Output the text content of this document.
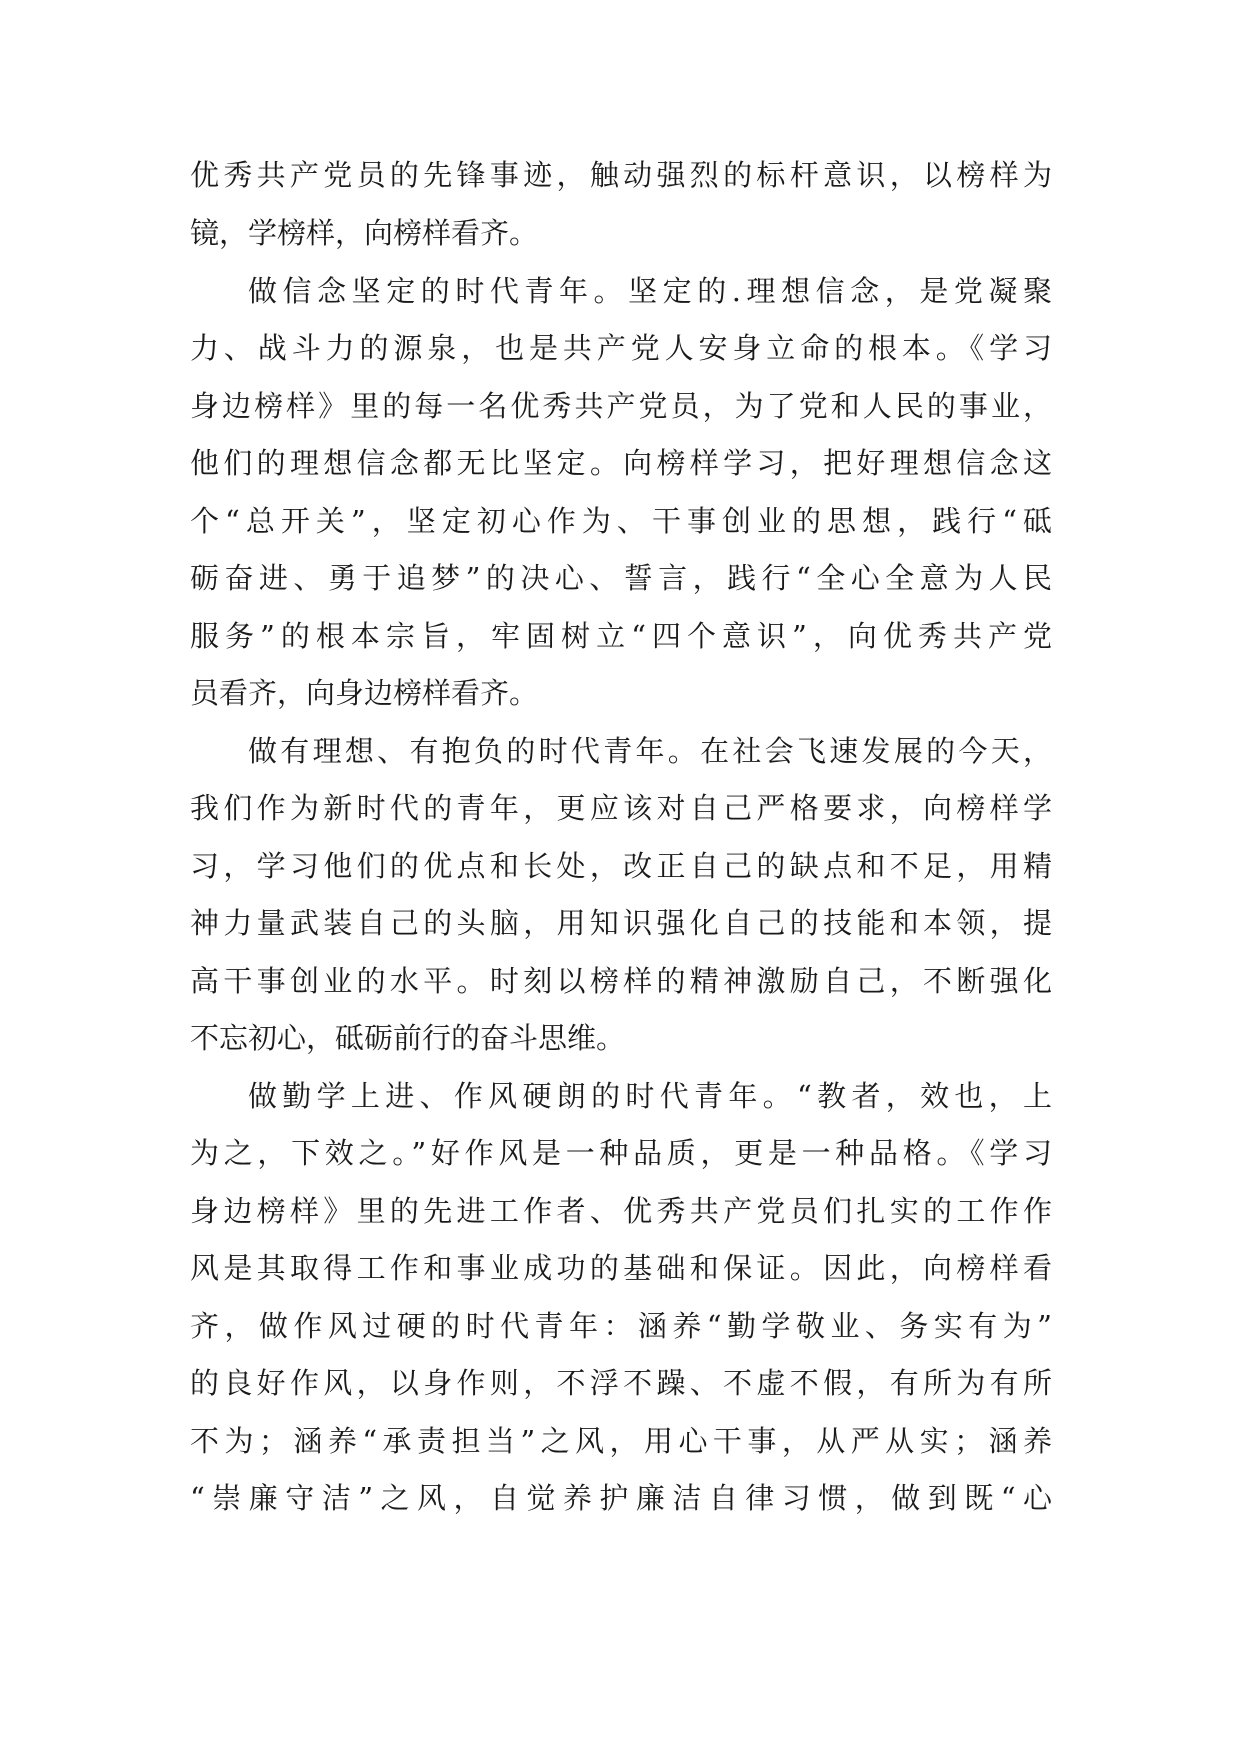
优秀共产党员的先锋事迹，触动强烈的标杆意识，以榜样为
镜，学榜样，向榜样看齐。
做信念坚定的时代青年。坚定的.理想信念，是党凝聚
力、战斗力的源泉，也是共产党人安身立命的根本。《学习
身边榜样》里的每一名优秀共产党员，为了党和人民的事业，
他们的理想信念都无比坚定。向榜样学习，把好理想信念这
个“总开关”，坚定初心作为、干事创业的思想，践行“砥
砺奋进、勇于追梦”的决心、誓言，践行“全心全意为人民
服务”的根本宗旨，牢固树立“四个意识”，向优秀共产党
员看齐，向身边榜样看齐。
做有理想、有抱负的时代青年。在社会飞速发展的今天，
我们作为新时代的青年，更应该对自己严格要求，向榜样学
习，学习他们的优点和长处，改正自己的缺点和不足，用精
神力量武装自己的头脑，用知识强化自己的技能和本领，提
高干事创业的水平。时刻以榜样的精神激励自己，不断强化
不忘初心，砥砺前行的奋斗思维。
做勤学上进、作风硬朗的时代青年。“教者，效也，上
为之，下效之。”好作风是一种品质，更是一种品格。《学习
身边榜样》里的先进工作者、优秀共产党员们扎实的工作作
风是其取得工作和事业成功的基础和保证。因此，向榜样看
齐，做作风过硬的时代青年：涵养“勤学敬业、务实有为”
的良好作风，以身作则，不浮不躁、不虚不假，有所为有所
不为；涵养“承责担当”之风，用心干事，从严从实；涵养
“崇廉守洁”之风，自觉养护廉洁自律习惯，做到既“心
